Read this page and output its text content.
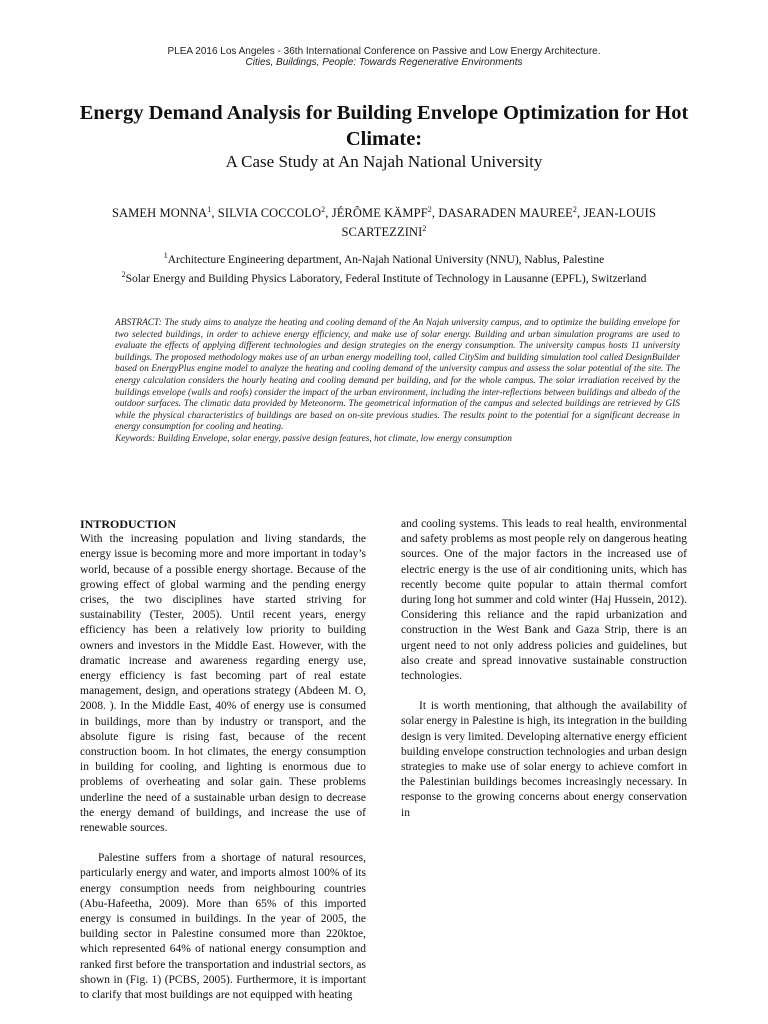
PLEA 2016 Los Angeles - 36th International Conference on Passive and Low Energy Architecture.
Cities, Buildings, People: Towards Regenerative Environments
Energy Demand Analysis for Building Envelope Optimization for Hot Climate:
A Case Study at An Najah National University
SAMEH MONNA$^1$, SILVIA COCCOLO$^2$, JÉRÔME KÄMPF$^2$, DASARADEN MAUREE$^2$, JEAN-LOUIS SCARTEZZINI$^2$
$^1$Architecture Engineering department, An-Najah National University (NNU), Nablus, Palestine
$^2$Solar Energy and Building Physics Laboratory, Federal Institute of Technology in Lausanne (EPFL), Switzerland

ABSTRACT: The study aims to analyze the heating and cooling demand of the An Najah university campus, and to optimize the building envelope for two selected buildings, in order to achieve energy efficiency, and make use of solar energy. Building and urban simulation programs are used to evaluate the effects of applying different technologies and design strategies on the energy consumption. The university campus hosts 11 university buildings. The proposed methodology makes use of an urban energy modelling tool, called CitySim and building simulation tool called DesignBuilder based on EnergyPlus engine model to analyze the heating and cooling demand of the university campus and assess the solar potential of the site. The energy calculation considers the hourly heating and cooling demand per building, and for the whole campus. The solar irradiation received by the buildings envelope (walls and roofs) consider the impact of the urban environment, including the inter-reflections between buildings and albedo of the outdoor surfaces. The climatic data provided by Meteonorm. The geometrical information of the campus and selected buildings are retrieved by GIS while the physical characteristics of buildings are based on on-site previous studies. The results point to the potential for a significant decrease in energy consumption for cooling and heating.

Keywords: Building Envelope, solar energy, passive design features, hot climate, low energy consumption

INTRODUCTION

With the increasing population and living standards, the energy issue is becoming more and more important in today’s world, because of a possible energy shortage. Because of the growing effect of global warming and the pending energy crises, the two disciplines have started striving for sustainability (Tester, 2005). Until recent years, energy efficiency has been a relatively low priority to building owners and investors in the Middle East. However, with the dramatic increase and awareness regarding energy use, energy efficiency is fast becoming part of real estate management, design, and operations strategy (Abdeen M. O, 2008. ). In the Middle East, 40% of energy use is consumed in buildings, more than by industry or transport, and the absolute figure is rising fast, because of the recent construction boom. In hot climates, the energy consumption in building for cooling, and lighting is enormous due to problems of overheating and solar gain. These problems underline the need of a sustainable urban design to decrease the energy demand of buildings, and increase the use of renewable sources.

Palestine suffers from a shortage of natural resources, particularly energy and water, and imports almost 100% of its energy consumption needs from neighbouring countries (Abu-Hafeetha, 2009). More than 65% of this imported energy is consumed in buildings. In the year of 2005, the building sector in Palestine consumed more than 220ktoe, which represented 64% of national energy consumption and ranked first before the transportation and industrial sectors, as shown in (Fig. 1) (PCBS, 2005). Furthermore, it is important to clarify that most buildings are not equipped with heating

and cooling systems. This leads to real health, environmental and safety problems as most people rely on dangerous heating sources. One of the major factors in the increased use of electric energy is the use of air conditioning units, which has recently become quite popular to attain thermal comfort during long hot summer and cold winter (Haj Hussein, 2012). Considering this reliance and the rapid urbanization and construction in the West Bank and Gaza Strip, there is an urgent need to not only address policies and guidelines, but also create and spread innovative sustainable construction technologies.

It is worth mentioning, that although the availability of solar energy in Palestine is high, its integration in the building design is very limited. Developing alternative energy efficient building envelope construction technologies and urban design strategies to make use of solar energy to achieve comfort in the Palestinian buildings becomes increasingly necessary. In response to the growing concerns about energy conservation in
